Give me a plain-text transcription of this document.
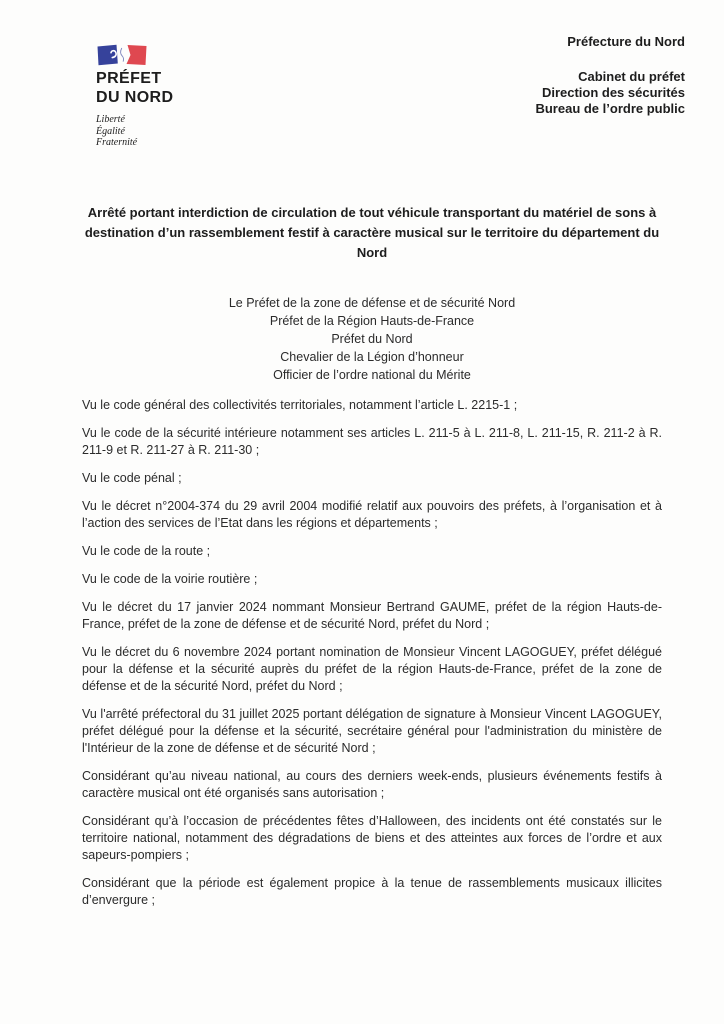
PRÉFET
DU NORD
Liberté
Égalité
Fraternité
Préfecture du Nord
Cabinet du préfet
Direction des sécurités
Bureau de l’ordre public
Arrêté portant interdiction de circulation de tout véhicule transportant du matériel de sons à destination d’un rassemblement festif à caractère musical sur le territoire du département du Nord
Le Préfet de la zone de défense et de sécurité Nord
Préfet de la Région Hauts-de-France
Préfet du Nord
Chevalier de la Légion d’honneur
Officier de l’ordre national du Mérite

Vu le code général des collectivités territoriales, notamment l’article L. 2215-1 ;

Vu le code de la sécurité intérieure notamment ses articles L. 211-5 à L. 211-8, L. 211-15, R. 211-2 à R. 211-9 et R. 211-27 à R. 211-30 ;

Vu le code pénal ;

Vu le décret n°2004-374 du 29 avril 2004 modifié relatif aux pouvoirs des préfets, à l’organisation et à l’action des services de l’Etat dans les régions et départements ;

Vu le code de la route ;

Vu le code de la voirie routière ;

Vu le décret du 17 janvier 2024 nommant Monsieur Bertrand GAUME, préfet de la région Hauts-de-France, préfet de la zone de défense et de sécurité Nord, préfet du Nord ;

Vu le décret du 6 novembre 2024 portant nomination de Monsieur Vincent LAGOGUEY, préfet délégué pour la défense et la sécurité auprès du préfet de la région Hauts-de-France, préfet de la zone de défense et de la sécurité Nord, préfet du Nord ;

Vu l'arrêté préfectoral du 31 juillet 2025 portant délégation de signature à Monsieur Vincent LAGOGUEY, préfet délégué pour la défense et la sécurité, secrétaire général pour l'administration du ministère de l'Intérieur de la zone de défense et de sécurité Nord ;

Considérant qu’au niveau national, au cours des derniers week-ends, plusieurs événements festifs à caractère musical ont été organisés sans autorisation ;

Considérant qu’à l’occasion de précédentes fêtes d’Halloween, des incidents ont été constatés sur le territoire national, notamment des dégradations de biens et des atteintes aux forces de l’ordre et aux sapeurs-pompiers ;

Considérant que la période est également propice à la tenue de rassemblements musicaux illicites d’envergure ;
